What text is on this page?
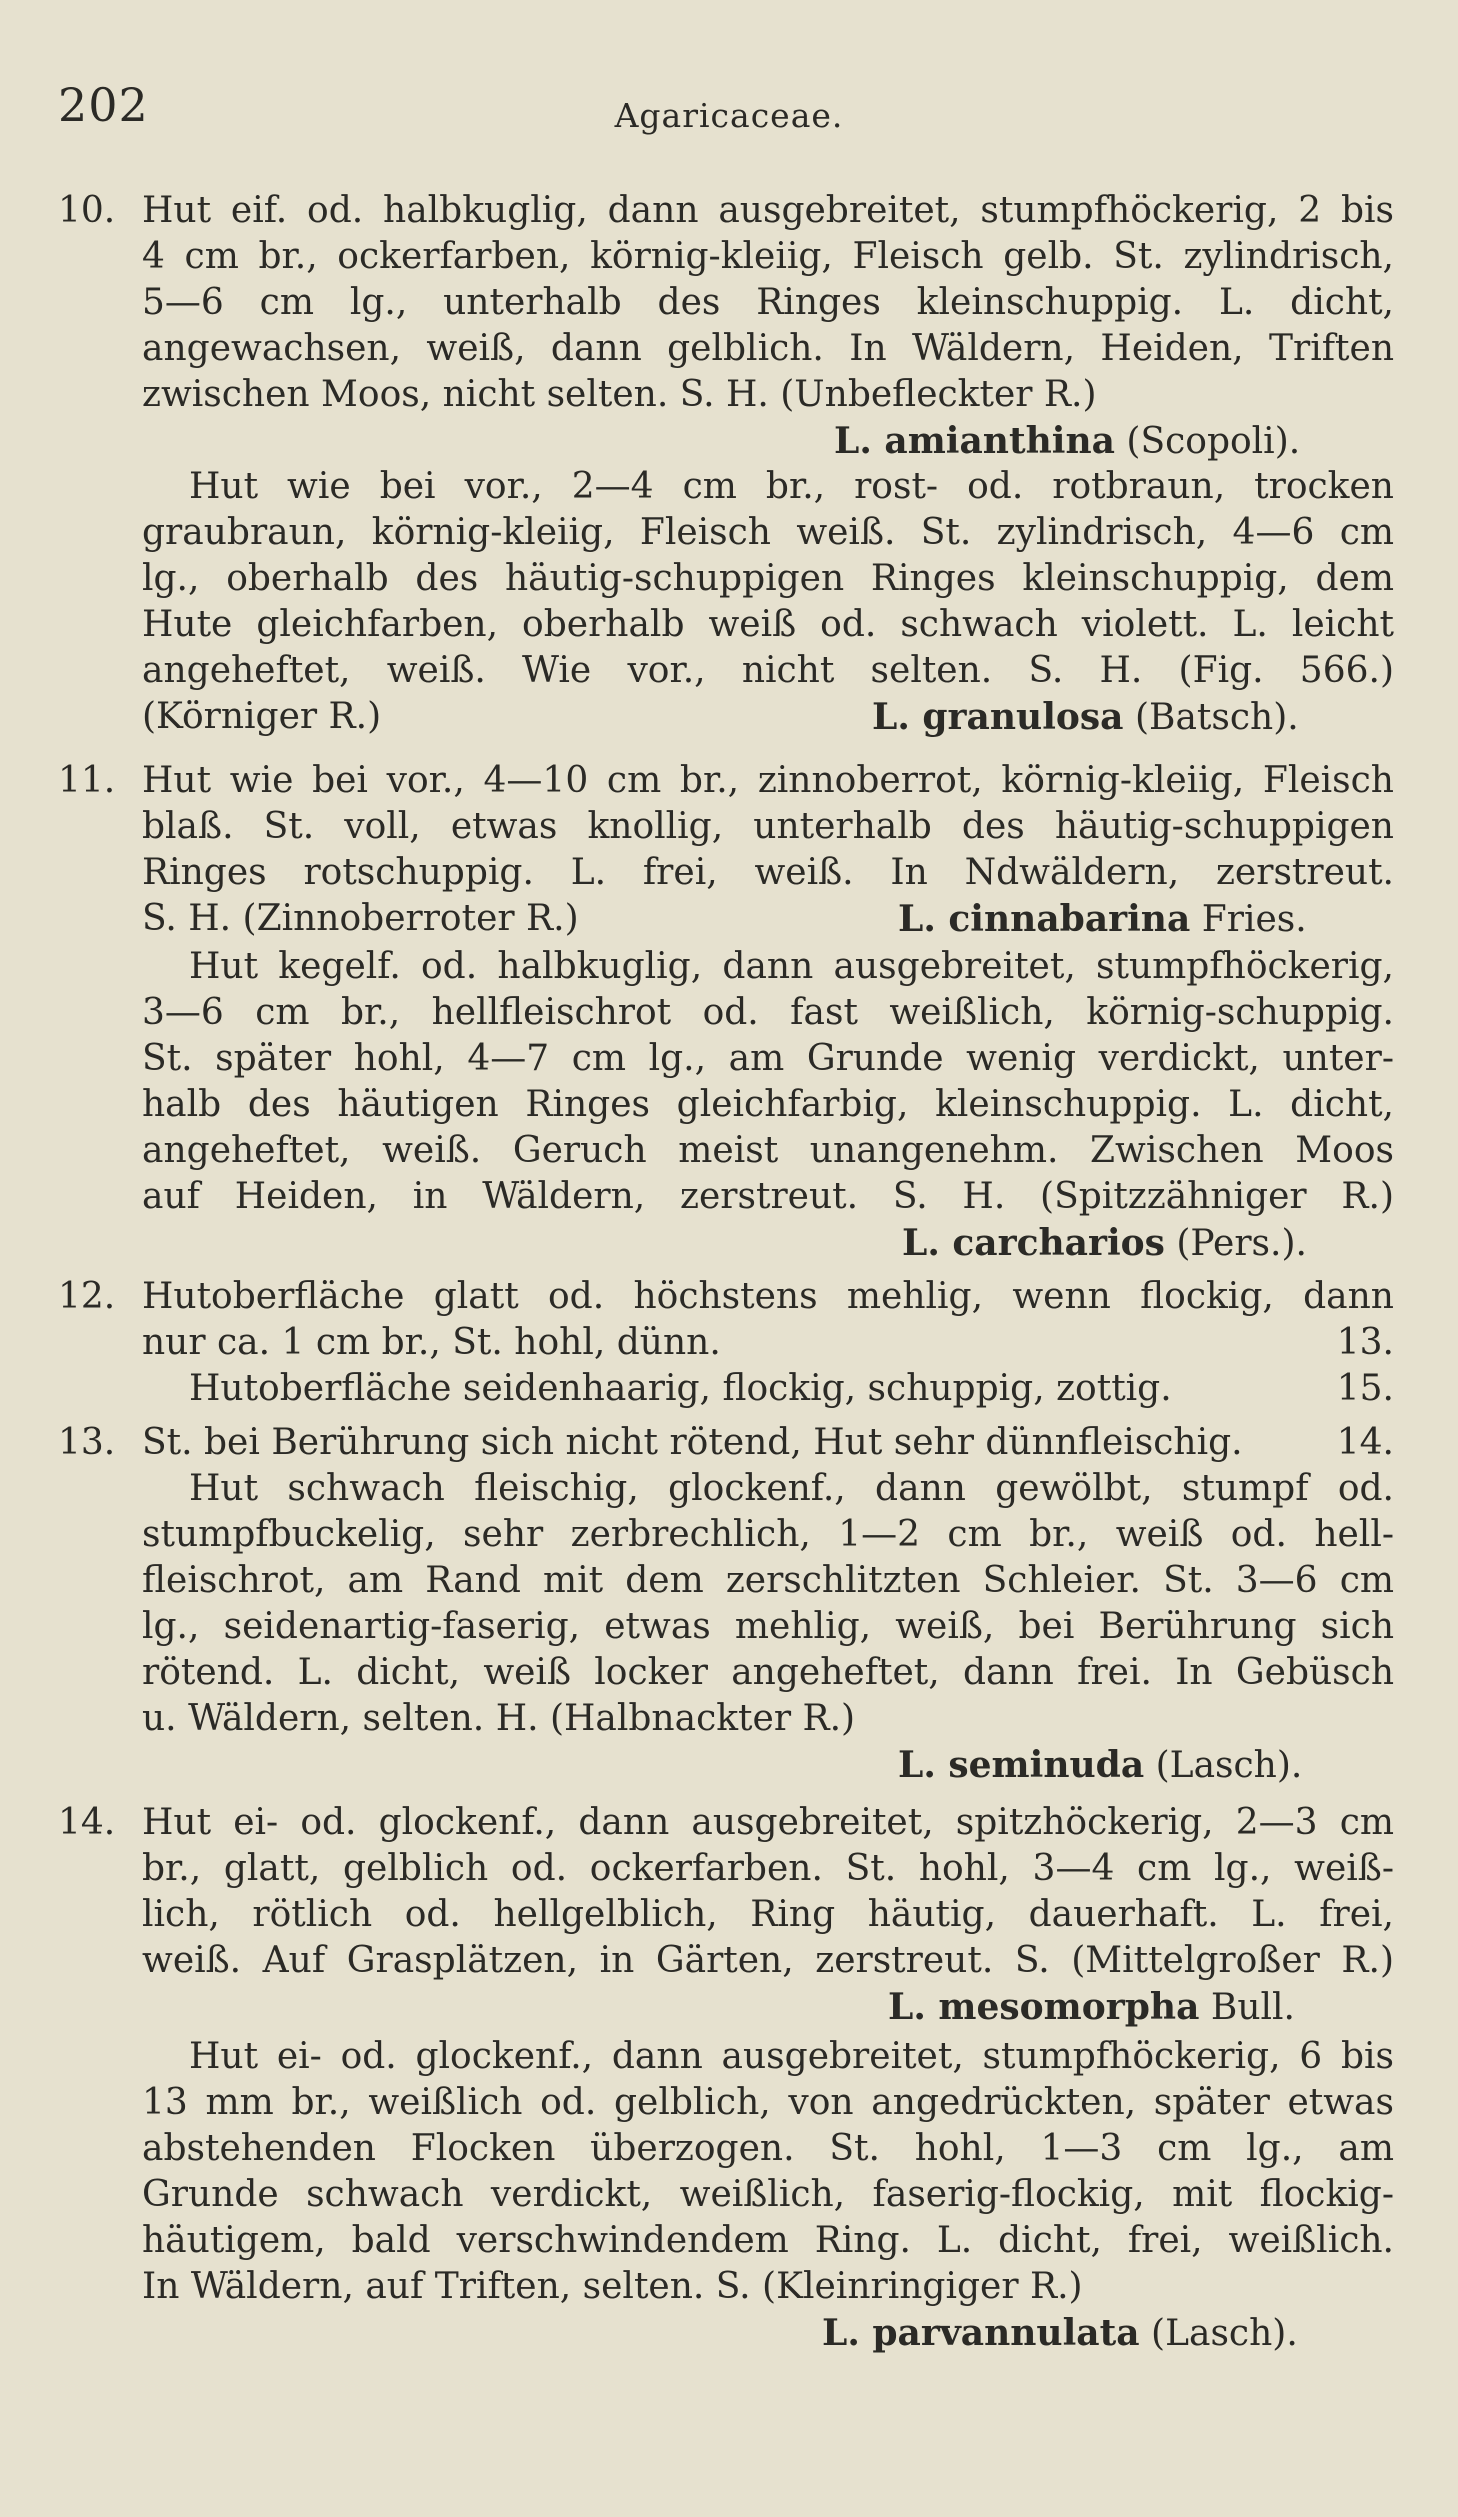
202	Agaricaceae.
10. Hut eif. od. halbkuglig, dann ausgebreitet, stumpfhöckerig, 2 bis
4 cm br., ockerfarben, körnig-kleiig, Fleisch gelb. St. zylindrisch,
5—6 cm lg., unterhalb des Ringes kleinschuppig. L. dicht,
angewachsen, weiß, dann gelblich. In Wäldern, Heiden, Triften
zwischen Moos, nicht selten. S. H. (Unbefleckter R.)
L. amianthina (Scopoli).
Hut wie bei vor., 2—4 cm br., rost- od. rotbraun, trocken
graubraun, körnig-kleiig, Fleisch weiß. St. zylindrisch, 4—6 cm
lg., oberhalb des häutig-schuppigen Ringes kleinschuppig, dem
Hute gleichfarben, oberhalb weiß od. schwach violett. L. leicht
angeheftet, weiß. Wie vor., nicht selten. S. H. (Fig. 566.)
(Körniger R.)	L. granulosa (Batsch).
11. Hut wie bei vor., 4—10 cm br., zinnoberrot, körnig-kleiig, Fleisch
blaß. St. voll, etwas knollig, unterhalb des häutig-schuppigen
Ringes rotschuppig. L. frei, weiß. In Ndwäldern, zerstreut.
S. H. (Zinnoberroter R.)	L. cinnabarina Fries.
Hut kegelf. od. halbkuglig, dann ausgebreitet, stumpfhöckerig,
3—6 cm br., hellfleischrot od. fast weißlich, körnig-schuppig.
St. später hohl, 4—7 cm lg., am Grunde wenig verdickt, unter-
halb des häutigen Ringes gleichfarbig, kleinschuppig. L. dicht,
angeheftet, weiß. Geruch meist unangenehm. Zwischen Moos
auf Heiden, in Wäldern, zerstreut. S. H. (Spitzzähniger R.)
L. carcharios (Pers.).
12. Hutoberfläche glatt od. höchstens mehlig, wenn flockig, dann
nur ca. 1 cm br., St. hohl, dünn.	13.
Hutoberfläche seidenhaarig, flockig, schuppig, zottig.	15.
13. St. bei Berührung sich nicht rötend, Hut sehr dünnfleischig.	14.
Hut schwach fleischig, glockenf., dann gewölbt, stumpf od.
stumpfbuckelig, sehr zerbrechlich, 1—2 cm br., weiß od. hell-
fleischrot, am Rand mit dem zerschlitzten Schleier. St. 3—6 cm
lg., seidenartig-faserig, etwas mehlig, weiß, bei Berührung sich
rötend. L. dicht, weiß locker angeheftet, dann frei. In Gebüsch
u. Wäldern, selten. H. (Halbnackter R.)
L. seminuda (Lasch).
14. Hut ei- od. glockenf., dann ausgebreitet, spitzhöckerig, 2—3 cm
br., glatt, gelblich od. ockerfarben. St. hohl, 3—4 cm lg., weiß-
lich, rötlich od. hellgelblich, Ring häutig, dauerhaft. L. frei,
weiß. Auf Grasplätzen, in Gärten, zerstreut. S. (Mittelgroßer R.)
L. mesomorpha Bull.
Hut ei- od. glockenf., dann ausgebreitet, stumpfhöckerig, 6 bis
13 mm br., weißlich od. gelblich, von angedrückten, später etwas
abstehenden Flocken überzogen. St. hohl, 1—3 cm lg., am
Grunde schwach verdickt, weißlich, faserig-flockig, mit flockig-
häutigem, bald verschwindendem Ring. L. dicht, frei, weißlich.
In Wäldern, auf Triften, selten. S. (Kleinringiger R.)
L. parvannulata (Lasch).
